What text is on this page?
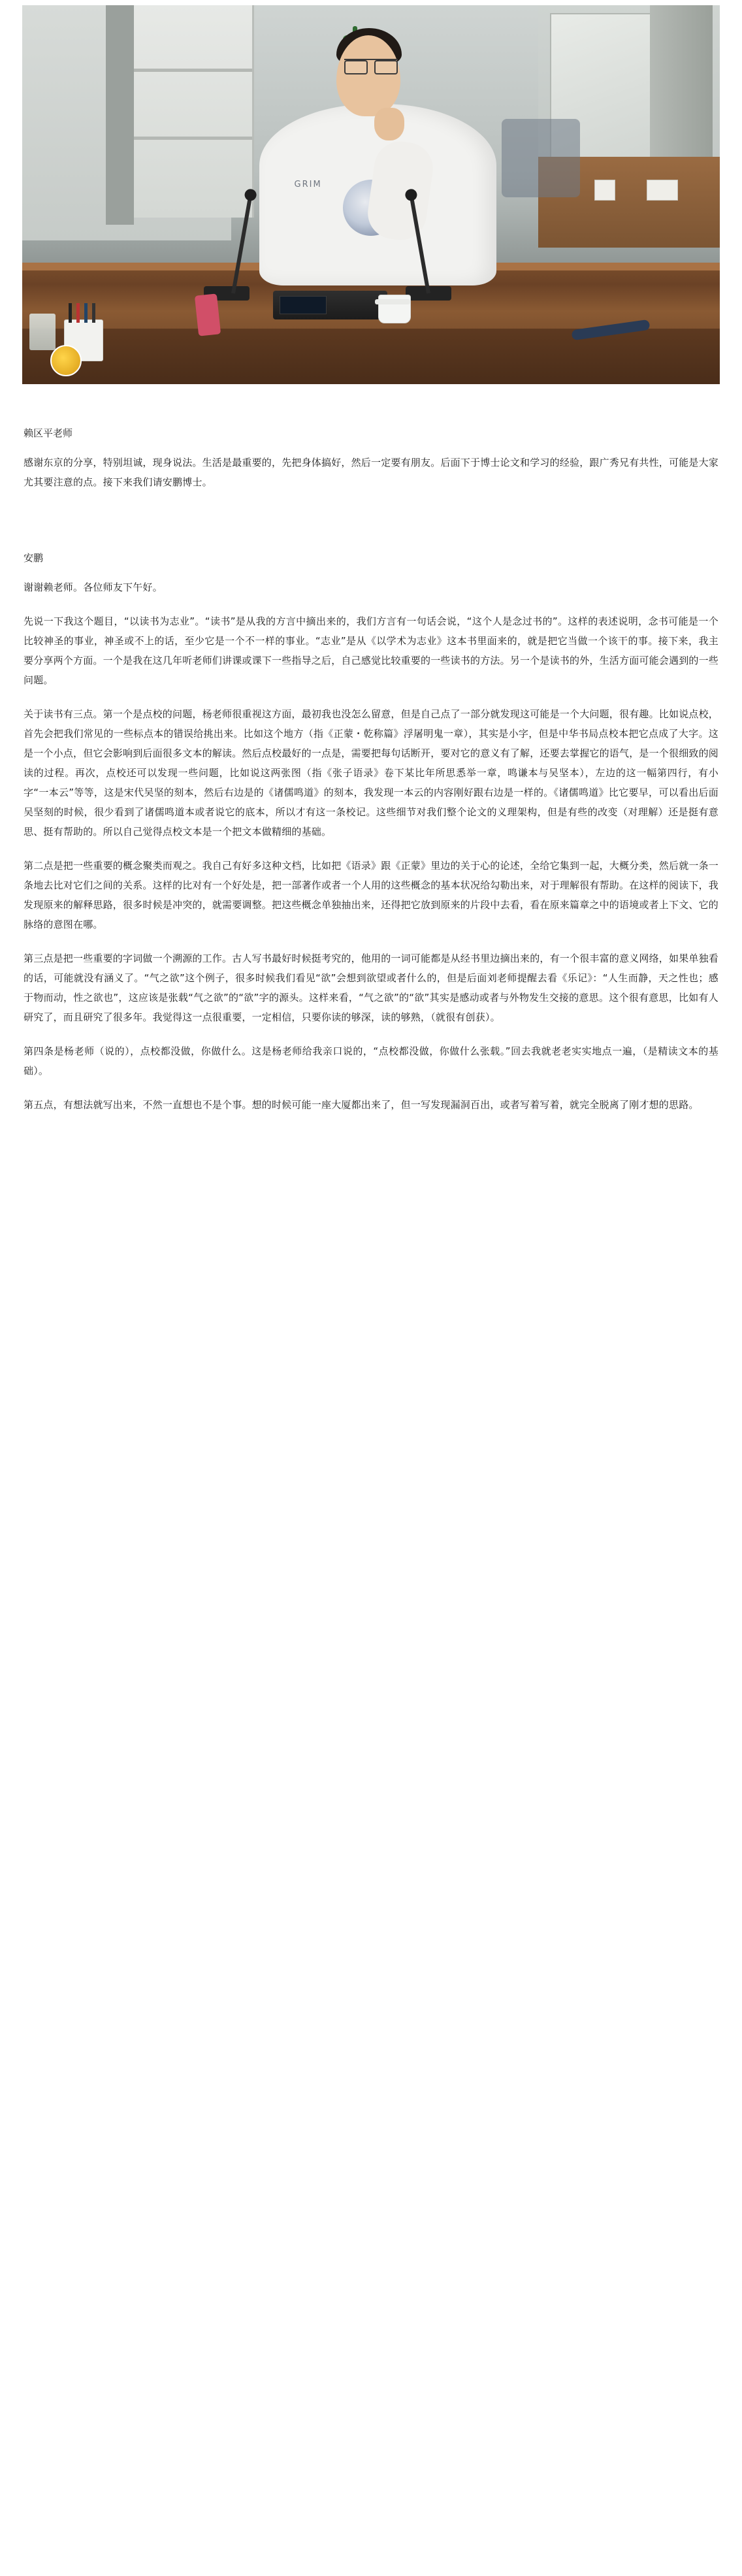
GRIM
赖区平老师

感谢东京的分享，特别坦诚，现身说法。生活是最重要的，先把身体搞好，然后一定要有朋友。后面下于博士论文和学习的经验，跟广秀兄有共性，可能是大家尤其要注意的点。接下来我们请安鹏博士。

安鹏

谢谢赖老师。各位师友下午好。

先说一下我这个题目，“以读书为志业”。“读书”是从我的方言中摘出来的，我们方言有一句话会说，“这个人是念过书的”。这样的表述说明，念书可能是一个比较神圣的事业，神圣或不上的话，至少它是一个不一样的事业。“志业”是从《以学术为志业》这本书里面来的，就是把它当做一个该干的事。接下来，我主要分享两个方面。一个是我在这几年听老师们讲课或课下一些指导之后，自己感觉比较重要的一些读书的方法。另一个是读书的外，生活方面可能会遇到的一些问题。

关于读书有三点。第一个是点校的问题，杨老师很重视这方面，最初我也没怎么留意，但是自己点了一部分就发现这可能是一个大问题，很有趣。比如说点校，首先会把我们常见的一些标点本的错误给挑出来。比如这个地方（指《正蒙・乾称篇》浮屠明鬼一章），其实是小字，但是中华书局点校本把它点成了大字。这是一个小点，但它会影响到后面很多文本的解读。然后点校最好的一点是，需要把每句话断开，要对它的意义有了解，还要去掌握它的语气，是一个很细致的阅读的过程。再次，点校还可以发现一些问题，比如说这两张图（指《张子语录》卷下某比年所思悉举一章，鸣谦本与吴坚本），左边的这一幅第四行，有小字“一本云”等等，这是宋代吴坚的刻本，然后右边是的《诸儒鸣道》的刻本，我发现一本云的内容刚好跟右边是一样的。《诸儒鸣道》比它要早，可以看出后面吴坚刻的时候，很少看到了诸儒鸣道本或者说它的底本，所以才有这一条校记。这些细节对我们整个论文的义理架构，但是有些的改变（对理解）还是挺有意思、挺有帮助的。所以自己觉得点校文本是一个把文本做精细的基础。

第二点是把一些重要的概念聚类而观之。我自己有好多这种文档，比如把《语录》跟《正蒙》里边的关于心的论述，全给它集到一起，大概分类，然后就一条一条地去比对它们之间的关系。这样的比对有一个好处是，把一部著作或者一个人用的这些概念的基本状况给勾勒出来，对于理解很有帮助。在这样的阅读下，我发现原来的解释思路，很多时候是冲突的，就需要调整。把这些概念单独抽出来，还得把它放到原来的片段中去看，看在原来篇章之中的语境或者上下文、它的脉络的意图在哪。

第三点是把一些重要的字词做一个溯源的工作。古人写书最好时候挺考究的，他用的一词可能都是从经书里边摘出来的，有一个很丰富的意义网络，如果单独看的话，可能就没有涵义了。“气之欲”这个例子，很多时候我们看见“欲”会想到欲望或者什么的，但是后面刘老师提醒去看《乐记》：“人生而静，天之性也；感于物而动，性之欲也”，这应该是张载“气之欲”的“欲”字的源头。这样来看，“气之欲”的“欲”其实是感动或者与外物发生交接的意思。这个很有意思，比如有人研究了，而且研究了很多年。我觉得这一点很重要，一定相信，只要你读的够深，读的够熟，（就很有创获）。

第四条是杨老师（说的），点校都没做，你做什么。这是杨老师给我亲口说的，“点校都没做，你做什么张载。”回去我就老老实实地点一遍，（是精读文本的基础）。

第五点，有想法就写出来，不然一直想也不是个事。想的时候可能一座大厦都出来了，但一写发现漏洞百出，或者写着写着，就完全脱离了刚才想的思路。
